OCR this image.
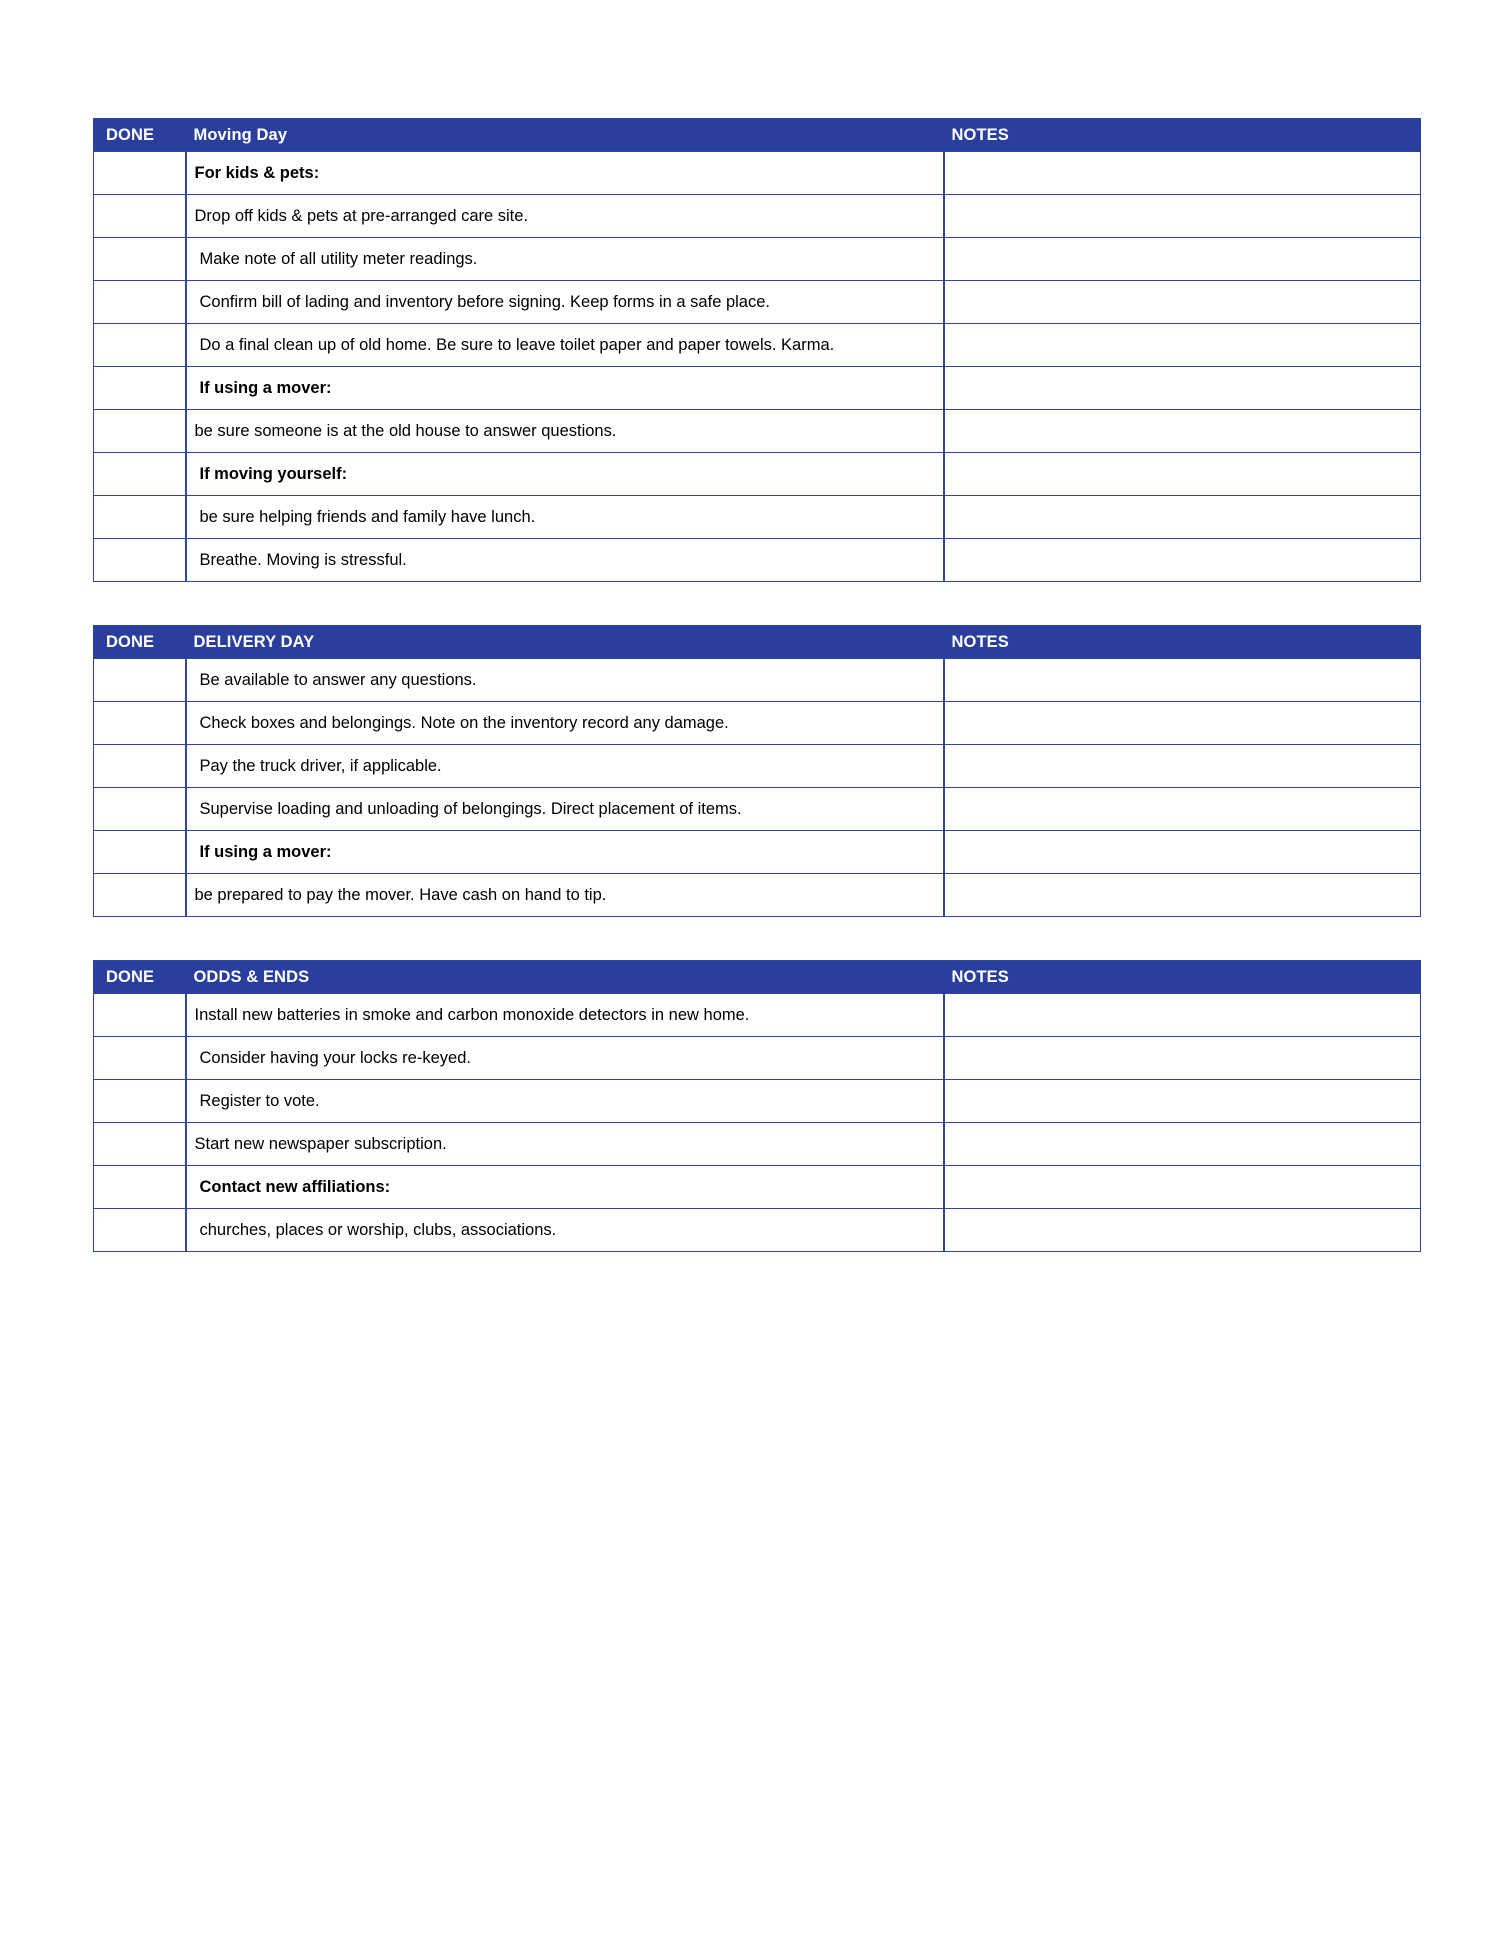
DONE	Moving Day	NOTES
	For kids & pets:	
	Drop off kids & pets at pre-arranged care site.	
	Make note of all utility meter readings.	
	Confirm bill of lading and inventory before signing. Keep forms in a safe place.	
	Do a final clean up of old home. Be sure to leave toilet paper and paper towels. Karma.	
	If using a mover:	
	be sure someone is at the old house to answer questions.	
	If moving yourself:	
	be sure helping friends and family have lunch.	
	Breathe. Moving is stressful.	
DONE	DELIVERY DAY	NOTES
	Be available to answer any questions.	
	Check boxes and belongings. Note on the inventory record any damage.	
	Pay the truck driver, if applicable.	
	Supervise loading and unloading of belongings. Direct placement of items.	
	If using a mover:	
	be prepared to pay the mover. Have cash on hand to tip.	
DONE	ODDS & ENDS	NOTES
	Install new batteries in smoke and carbon monoxide detectors in new home.	
	Consider having your locks re-keyed.	
	Register to vote.	
	Start new newspaper subscription.	
	Contact new affiliations:	
	churches, places or worship, clubs, associations.	
